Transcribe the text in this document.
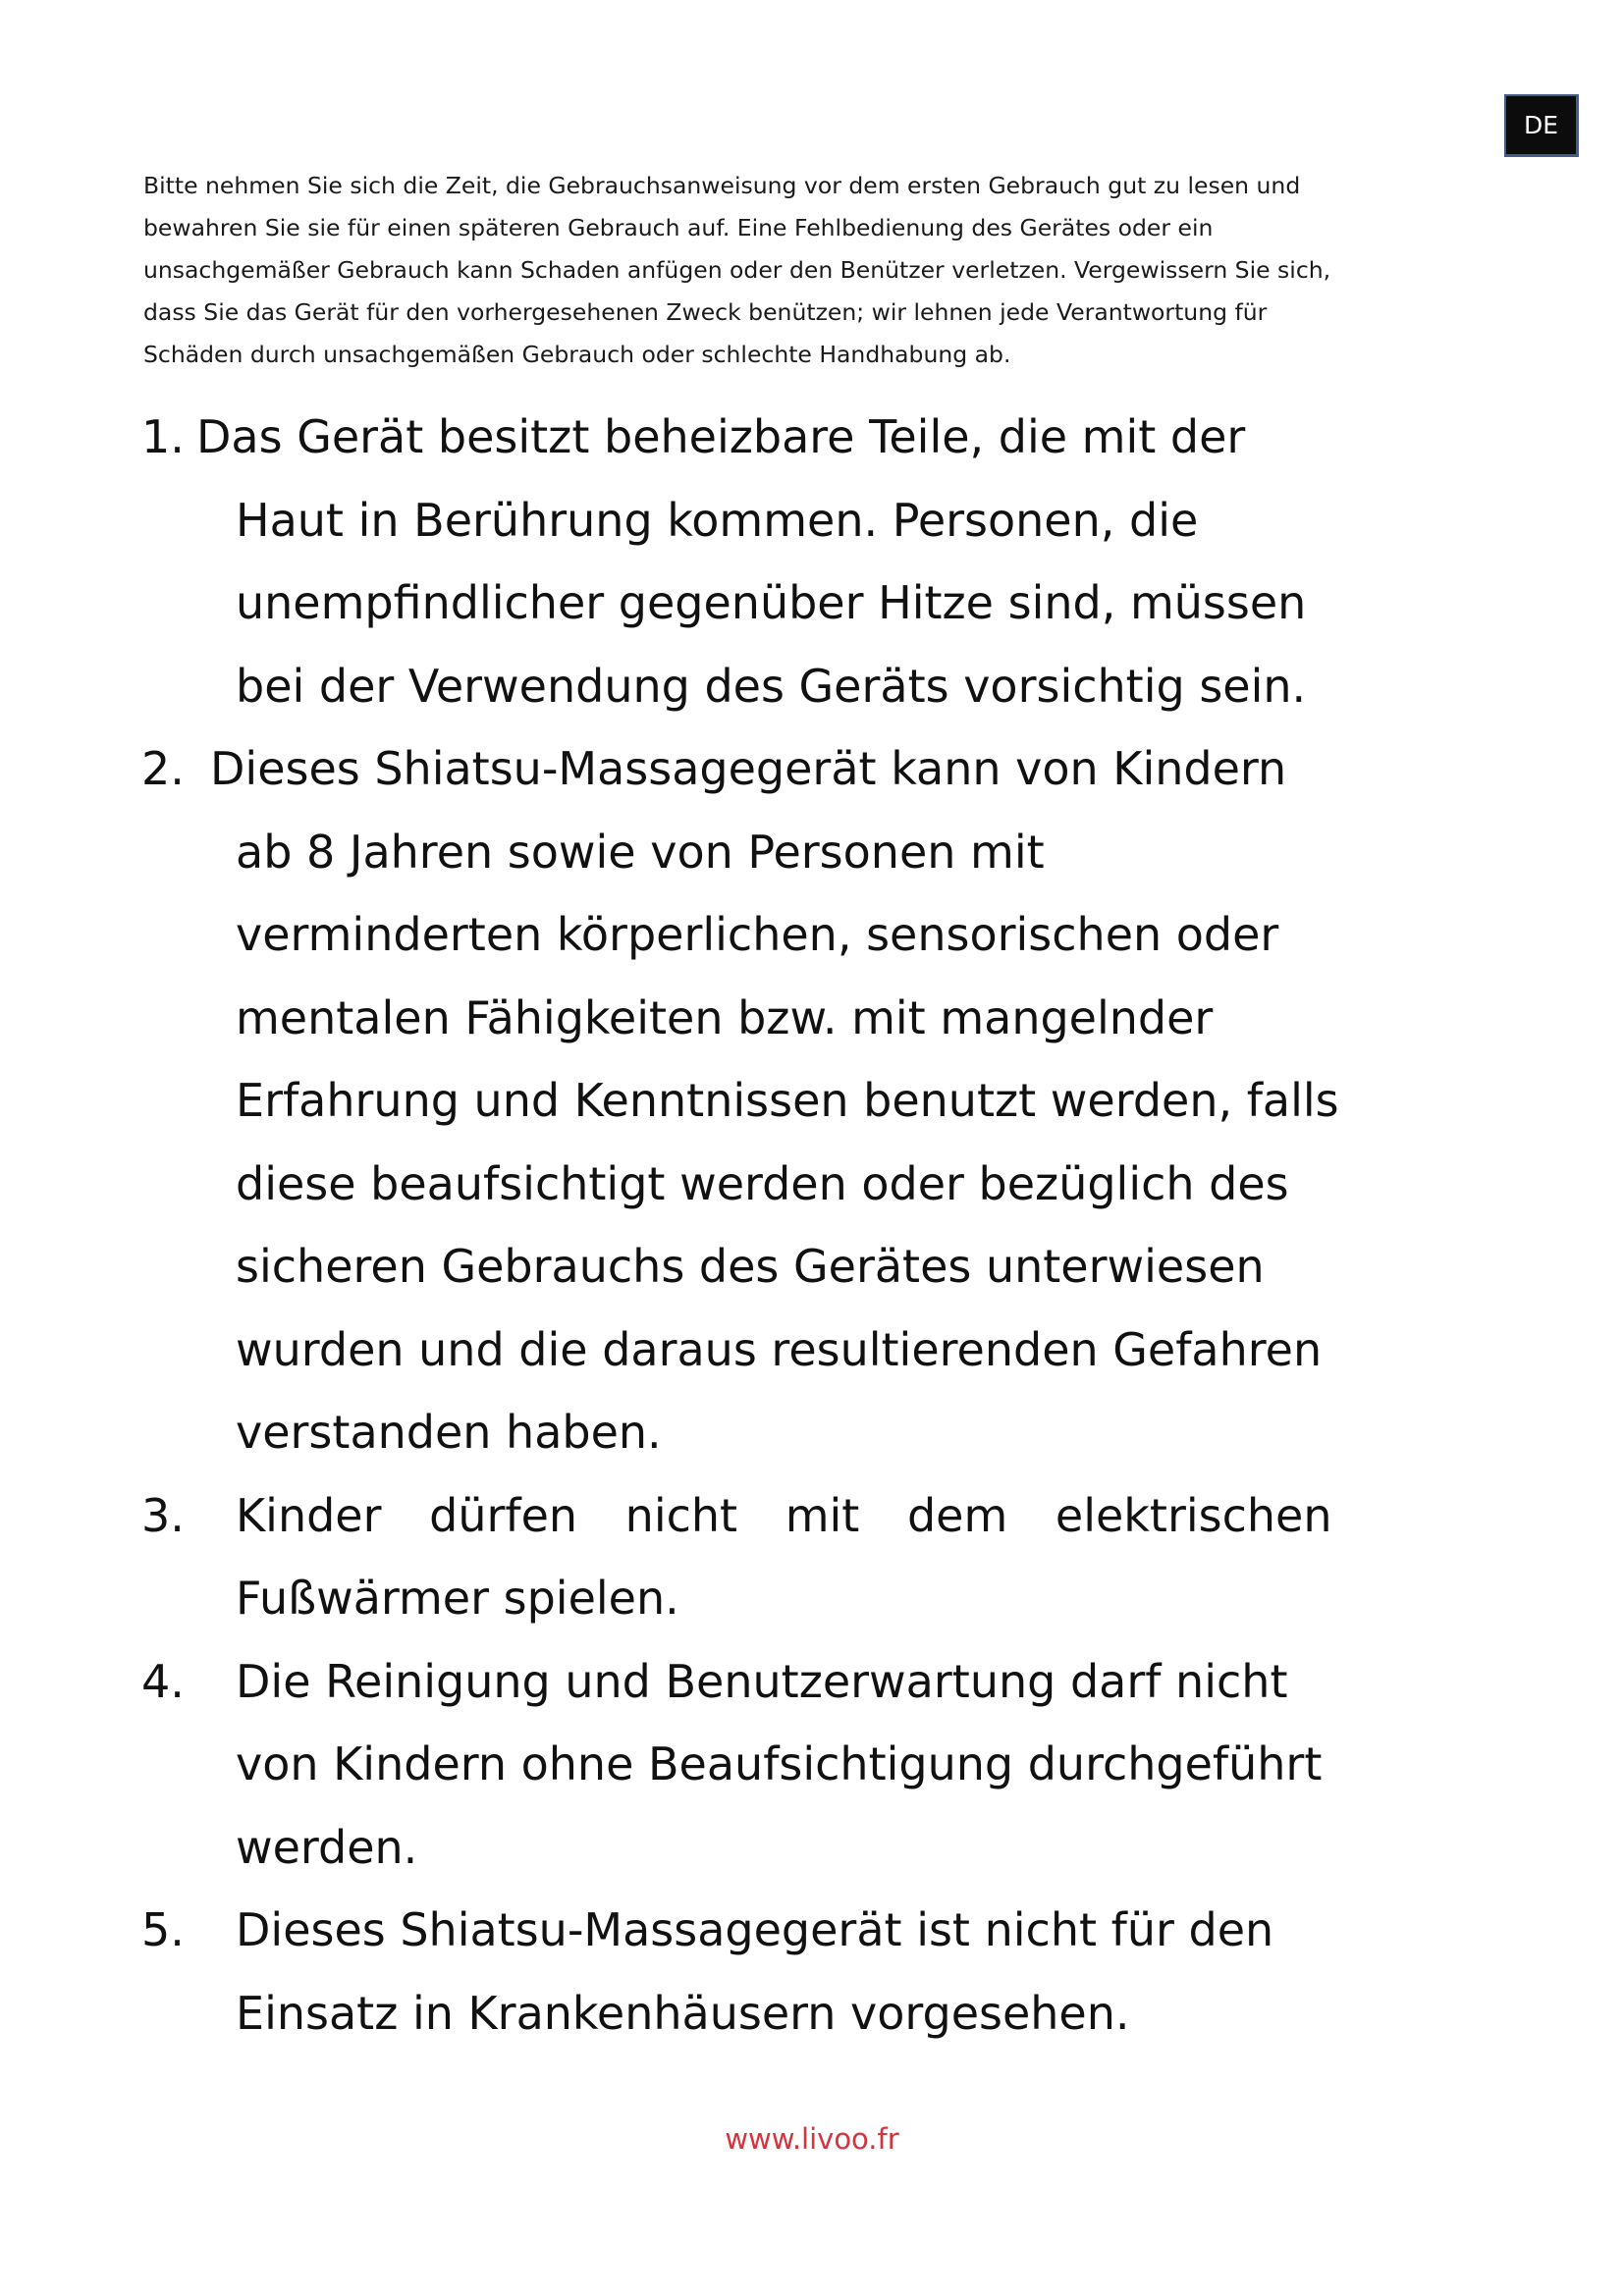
DE
Bitte nehmen Sie sich die Zeit, die Gebrauchsanweisung vor dem ersten Gebrauch gut zu lesen und
bewahren Sie sie für einen späteren Gebrauch auf. Eine Fehlbedienung des Gerätes oder ein
unsachgemäßer Gebrauch kann Schaden anfügen oder den Benützer verletzen. Vergewissern Sie sich,
dass Sie das Gerät für den vorhergesehenen Zweck benützen; wir lehnen jede Verantwortung für
Schäden durch unsachgemäßen Gebrauch oder schlechte Handhabung ab.
1. Das Gerät besitzt beheizbare Teile, die mit der
Haut in Berührung kommen. Personen, die
unempfindlicher gegenüber Hitze sind, müssen
bei der Verwendung des Geräts vorsichtig sein.
2. Dieses Shiatsu-Massagegerät kann von Kindern
ab 8 Jahren sowie von Personen mit
verminderten körperlichen, sensorischen oder
mentalen Fähigkeiten bzw. mit mangelnder
Erfahrung und Kenntnissen benutzt werden, falls
diese beaufsichtigt werden oder bezüglich des
sicheren Gebrauchs des Gerätes unterwiesen
wurden und die daraus resultierenden Gefahren
verstanden haben.
3.	Kinder dürfen nicht mit dem elektrischen
Fußwärmer spielen.
4.	Die Reinigung und Benutzerwartung darf nicht
von Kindern ohne Beaufsichtigung durchgeführt
werden.
5.	Dieses Shiatsu-Massagegerät ist nicht für den
Einsatz in Krankenhäusern vorgesehen.
www.livoo.fr
